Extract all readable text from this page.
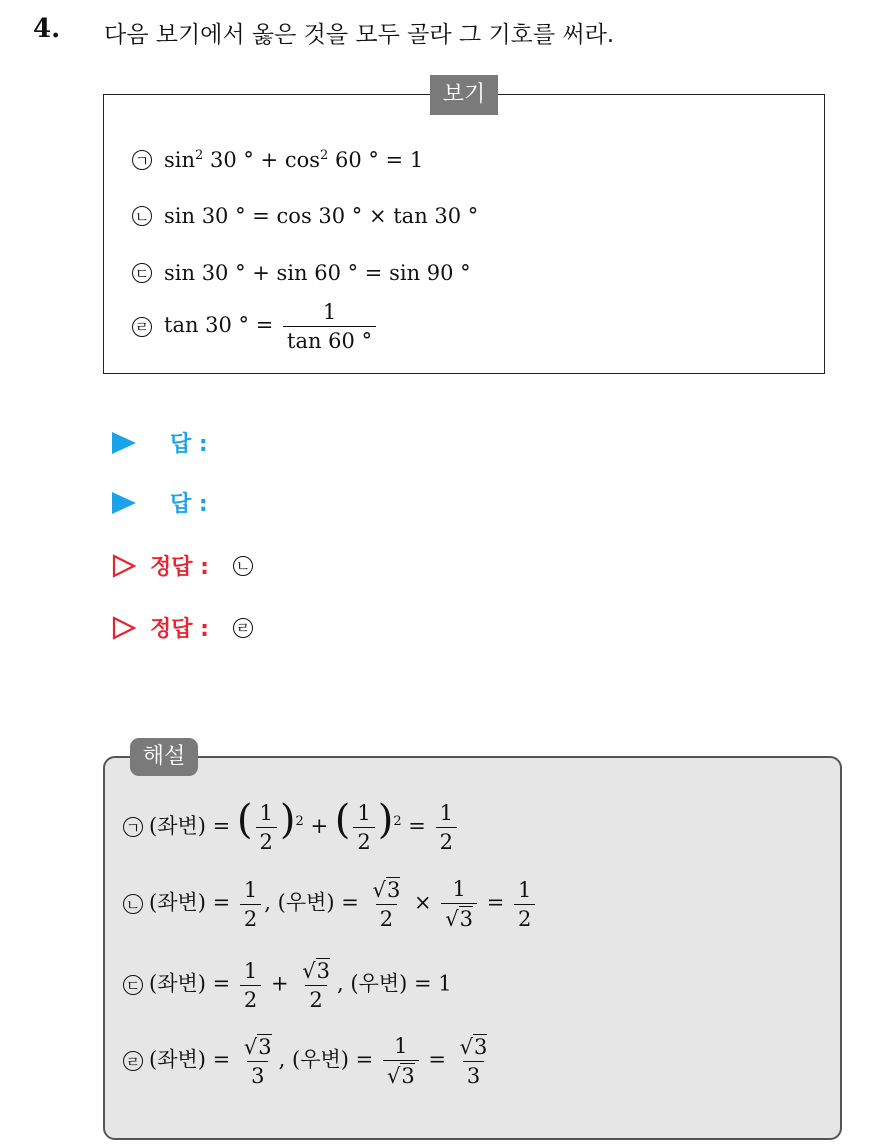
4. 다음 보기에서 옳은 것을 모두 골라 그 기호를 써라.
보기
ㄱ $\sin^2 30$ ° + $\cos^2 60$ ° = 1
ㄴ sin 30 ° = cos 30 ° × tan 30 °
ㄷ sin 30 ° + sin 60 ° = sin 90 °
ㄹ tan 30 ° = $\frac{1}{\tan 60 ^\circ}$
답 :
답 :
정답 : ㄴ
정답 : ㄹ
해설
ㄱ (좌변) = ( $\frac{1}{2} )^2$ + ( $\frac{1}{2} )^2 = \frac{1}{2}$
ㄴ (좌변) = $\frac{1}{2}$ , (우변) = $\frac{√3}{2} \times \frac{1}{√3} = \frac{1}{2}$
ㄷ (좌변) = $\frac{1}{2} + \frac{√3}{2}$ , (우변) = 1
ㄹ (좌변) = $\frac{√3}{3}$ , (우변) = $\frac{1}{√3} = \frac{√3}{3}$
